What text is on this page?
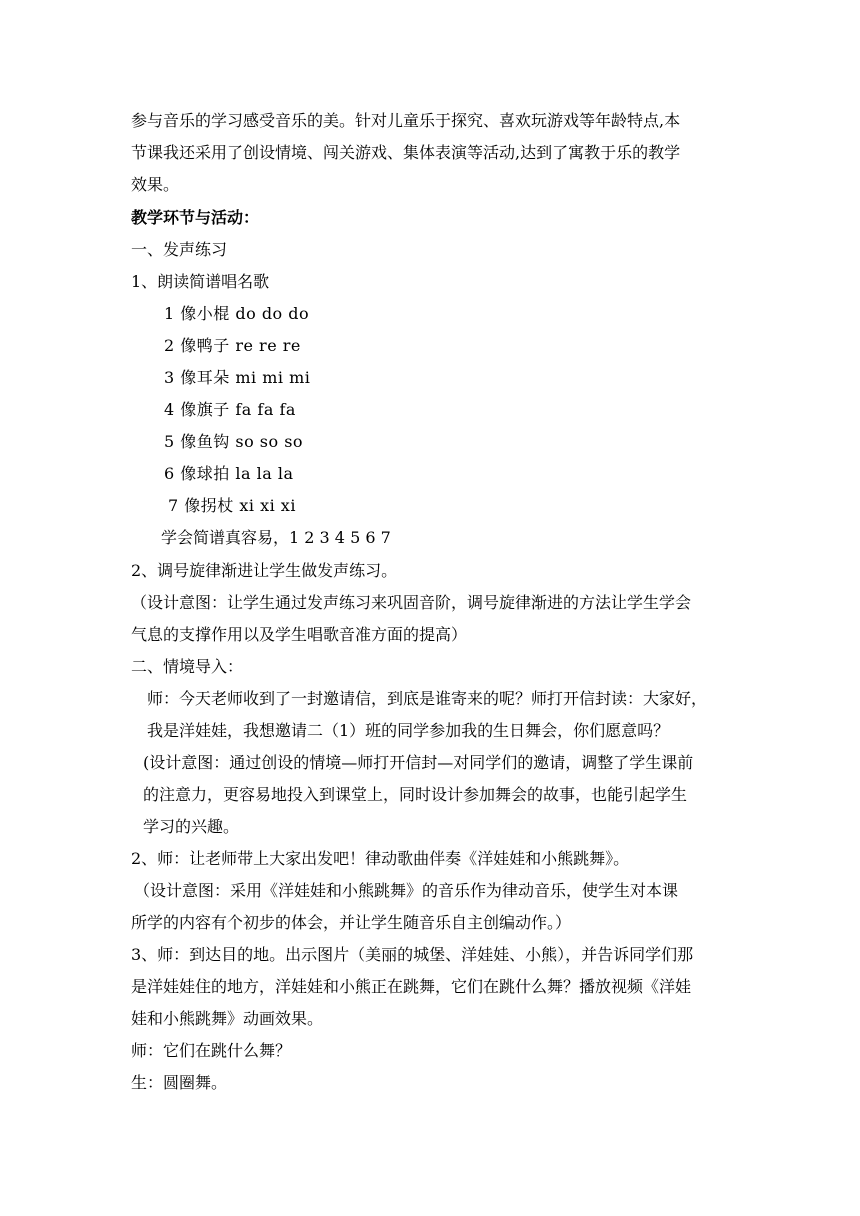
参与音乐的学习感受音乐的美。针对儿童乐于探究、喜欢玩游戏等年龄特点,本
节课我还采用了创设情境、闯关游戏、集体表演等活动,达到了寓教于乐的教学
效果。
教学环节与活动：
一、发声练习
1、朗读简谱唱名歌
1 像小棍 do do do
2 像鸭子 re re re
3 像耳朵 mi mi mi
4 像旗子 fa fa fa
5 像鱼钩 so so so
6 像球拍 la la la
7 像拐杖 xi xi xi
学会简谱真容易，1 2 3 4 5 6 7
2、调号旋律渐进让学生做发声练习。
（设计意图：让学生通过发声练习来巩固音阶，调号旋律渐进的方法让学生学会
气息的支撑作用以及学生唱歌音准方面的提高）
二、情境导入：
师：今天老师收到了一封邀请信，到底是谁寄来的呢？师打开信封读：大家好，
我是洋娃娃，我想邀请二（1）班的同学参加我的生日舞会，你们愿意吗？
(设计意图：通过创设的情境—师打开信封—对同学们的邀请，调整了学生课前
的注意力，更容易地投入到课堂上，同时设计参加舞会的故事，也能引起学生
学习的兴趣。
2、师：让老师带上大家出发吧！律动歌曲伴奏《洋娃娃和小熊跳舞》。
（设计意图：采用《洋娃娃和小熊跳舞》的音乐作为律动音乐，使学生对本课
所学的内容有个初步的体会，并让学生随音乐自主创编动作。）
3、师：到达目的地。出示图片（美丽的城堡、洋娃娃、小熊），并告诉同学们那
是洋娃娃住的地方，洋娃娃和小熊正在跳舞，它们在跳什么舞？播放视频《洋娃
娃和小熊跳舞》动画效果。
师：它们在跳什么舞？
生：圆圈舞。
